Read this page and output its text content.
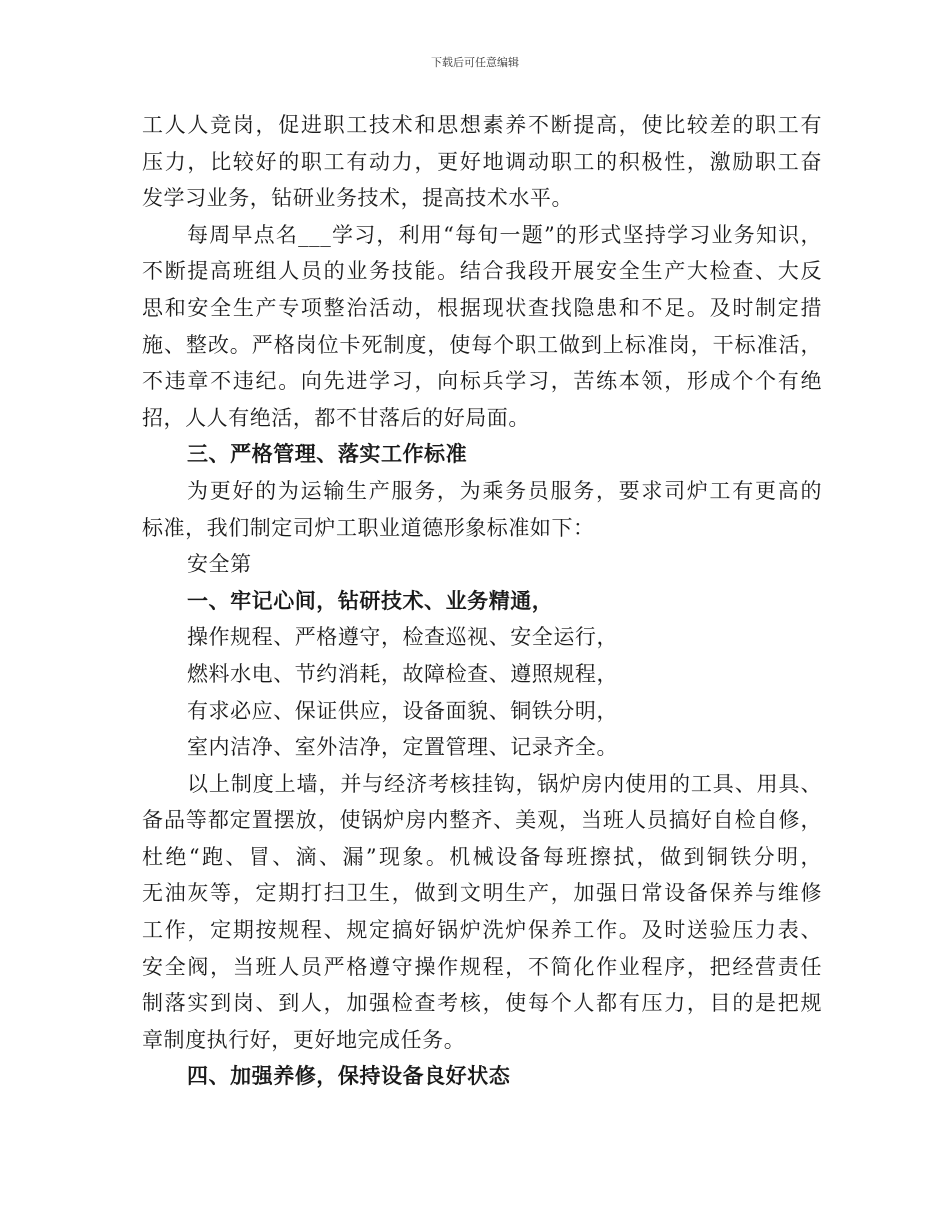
下载后可任意编辑
工人人竞岗，促进职工技术和思想素养不断提高，使比较差的职工有
压力，比较好的职工有动力，更好地调动职工的积极性，激励职工奋
发学习业务，钻研业务技术，提高技术水平。
每周早点名___学习，利用“每旬一题”的形式坚持学习业务知识，
不断提高班组人员的业务技能。结合我段开展安全生产大检查、大反
思和安全生产专项整治活动，根据现状查找隐患和不足。及时制定措
施、整改。严格岗位卡死制度，使每个职工做到上标准岗，干标准活，
不违章不违纪。向先进学习，向标兵学习，苦练本领，形成个个有绝
招，人人有绝活，都不甘落后的好局面。
三、严格管理、落实工作标准
为更好的为运输生产服务，为乘务员服务，要求司炉工有更高的
标准，我们制定司炉工职业道德形象标准如下：
安全第
一、牢记心间，钻研技术、业务精通，
操作规程、严格遵守，检查巡视、安全运行，
燃料水电、节约消耗，故障检查、遵照规程，
有求必应、保证供应，设备面貌、铜铁分明，
室内洁净、室外洁净，定置管理、记录齐全。
以上制度上墙，并与经济考核挂钩，锅炉房内使用的工具、用具、
备品等都定置摆放，使锅炉房内整齐、美观，当班人员搞好自检自修，
杜绝“跑、冒、滴、漏”现象。机械设备每班擦拭，做到铜铁分明，
无油灰等，定期打扫卫生，做到文明生产，加强日常设备保养与维修
工作，定期按规程、规定搞好锅炉洗炉保养工作。及时送验压力表、
安全阀，当班人员严格遵守操作规程，不简化作业程序，把经营责任
制落实到岗、到人，加强检查考核，使每个人都有压力，目的是把规
章制度执行好，更好地完成任务。
四、加强养修，保持设备良好状态
